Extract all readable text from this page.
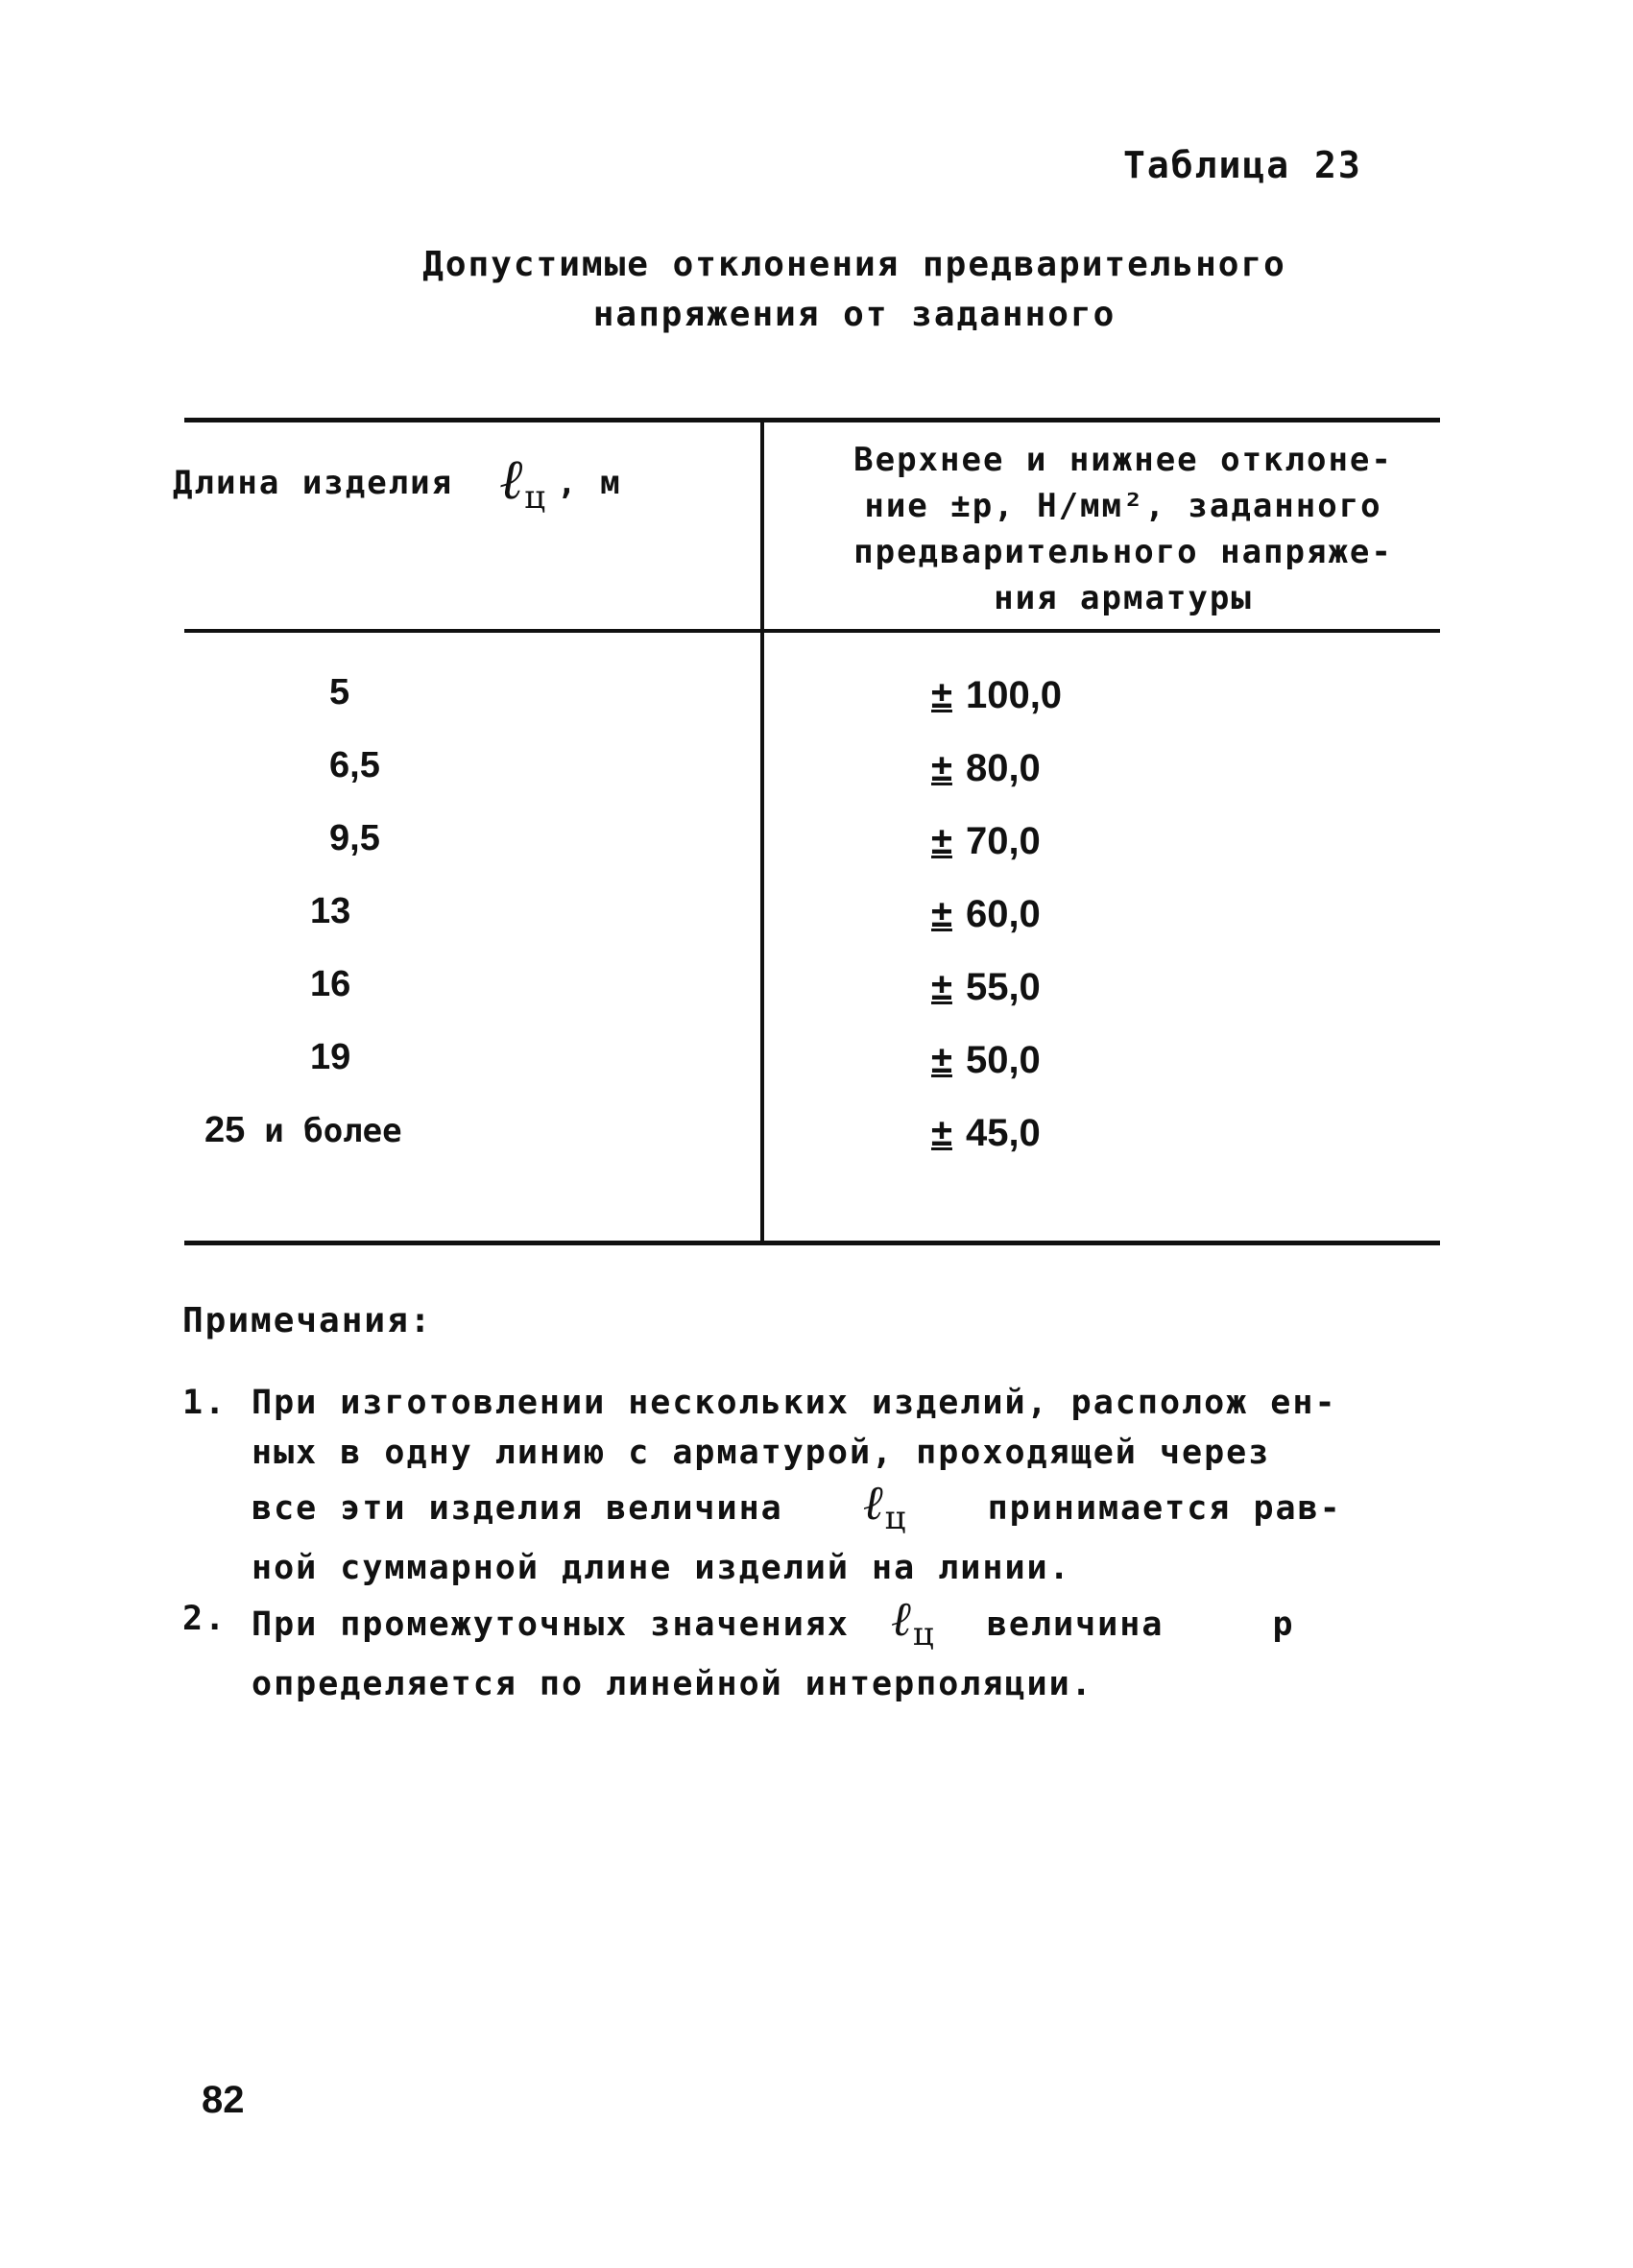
Таблица 23
Допустимые отклонения предварительного
напряжения от заданного
Длина изделия ℓ$_ц$ , м
Верхнее и нижнее отклоне-
ние ±p, Н/мм², заданного
предварительного напряже-
ния арматуры
5	± 100,0
6,5	± 80,0
9,5	± 70,0
13	± 60,0
16	± 55,0
19	± 50,0
25 и более	± 45,0
Примечания:
1. При изготовлении нескольких изделий, располож ен-
ных в одну линию с арматурой, проходящей через
все эти изделия величина ℓ$_ц$ принимается рав-
ной суммарной длине изделий на линии.
2. При промежуточных значениях ℓ$_ц$ величина	p
определяется по линейной интерполяции.
82
